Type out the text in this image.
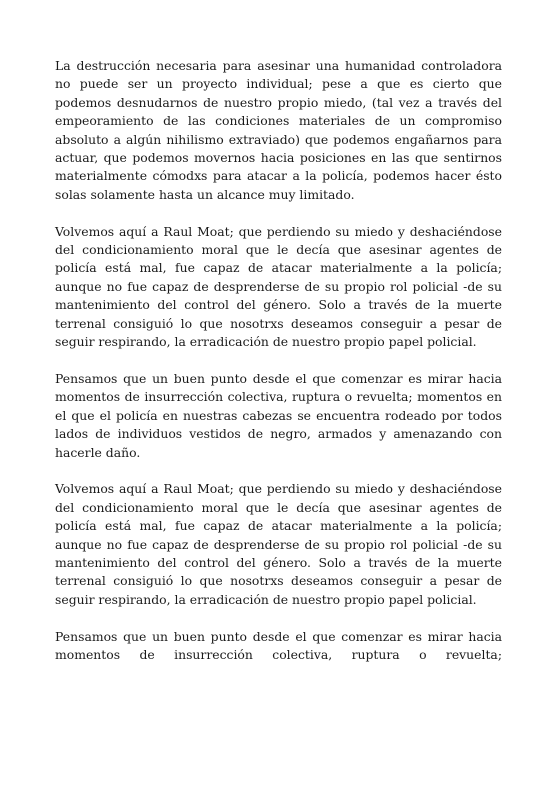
La destrucción necesaria para asesinar una humanidad controladora no puede ser un proyecto individual; pese a que es cierto que podemos desnudarnos de nuestro propio miedo, (tal vez a través del empeoramiento de las condiciones materiales de un compromiso absoluto a algún nihilismo extraviado) que podemos engañarnos para actuar, que podemos movernos hacia posiciones en las que sentirnos materialmente cómodxs para atacar a la policía, podemos hacer ésto solas solamente hasta un alcance muy limitado.

Volvemos aquí a Raul Moat; que perdiendo su miedo y deshaciéndose del condicionamiento moral que le decía que asesinar agentes de policía está mal, fue capaz de atacar materialmente a la policía; aunque no fue capaz de desprenderse de su propio rol policial -de su mantenimiento del control del género. Solo a través de la muerte terrenal consiguió lo que nosotrxs deseamos conseguir a pesar de seguir respirando, la erradicación de nuestro propio papel policial.

Pensamos que un buen punto desde el que comenzar es mirar hacia momentos de insurrección colectiva, ruptura o revuelta; momentos en el que el policía en nuestras cabezas se encuentra rodeado por todos lados de individuos vestidos de negro, armados y amenazando con hacerle daño.

Volvemos aquí a Raul Moat; que perdiendo su miedo y deshaciéndose del condicionamiento moral que le decía que asesinar agentes de policía está mal, fue capaz de atacar materialmente a la policía; aunque no fue capaz de desprenderse de su propio rol policial -de su mantenimiento del control del género. Solo a través de la muerte terrenal consiguió lo que nosotrxs deseamos conseguir a pesar de seguir respirando, la erradicación de nuestro propio papel policial.

Pensamos que un buen punto desde el que comenzar es mirar hacia momentos de insurrección colectiva, ruptura o revuelta;
